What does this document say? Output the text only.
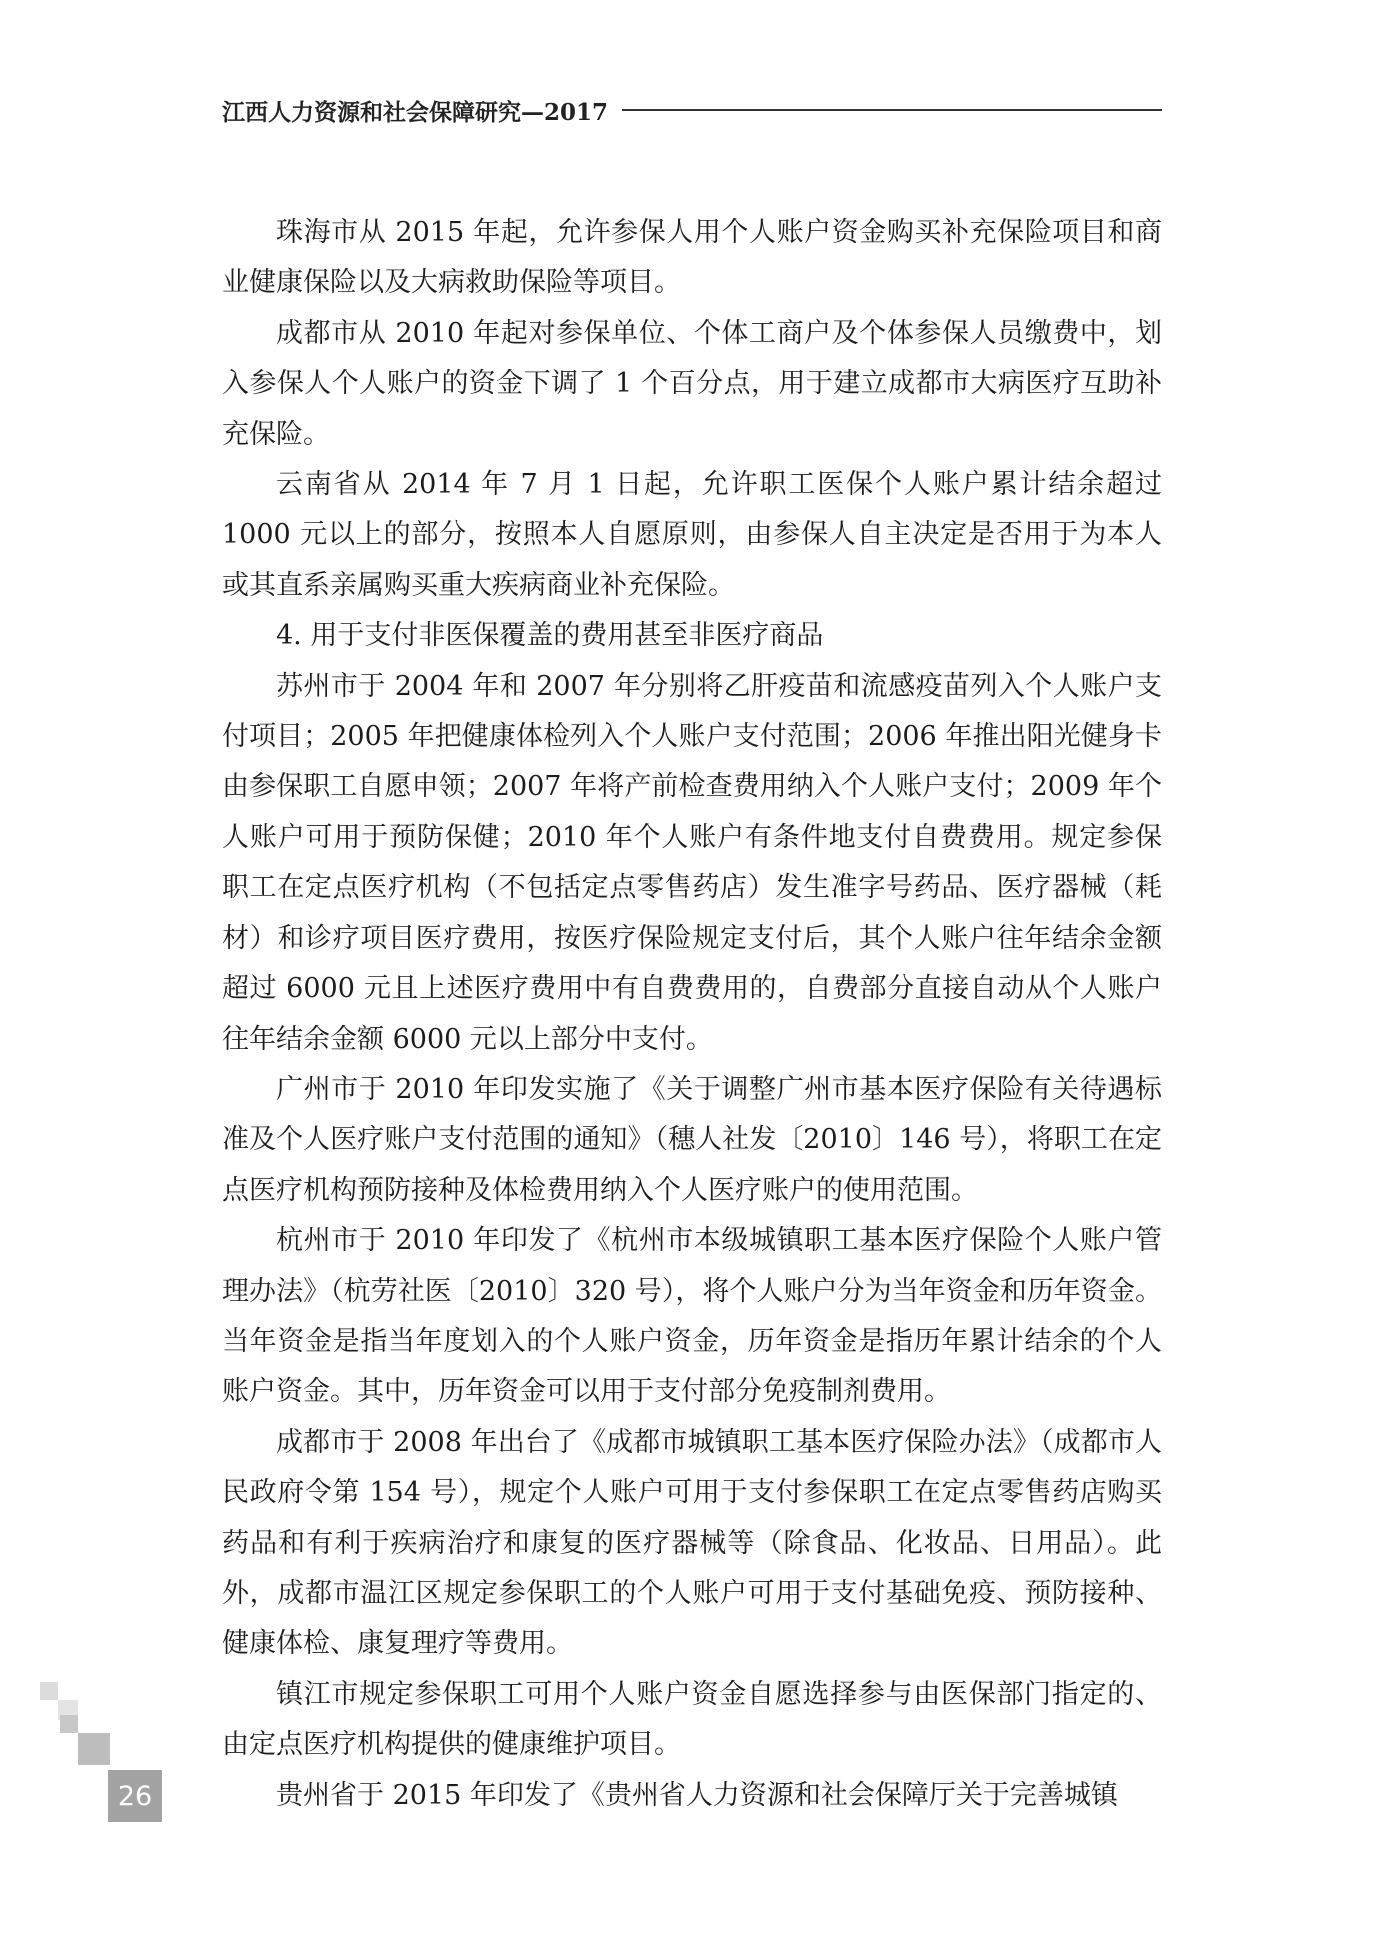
江西人力资源和社会保障研究—2017

珠海市从 2015 年起，允许参保人用个人账户资金购买补充保险项目和商业健康保险以及大病救助保险等项目。

成都市从 2010 年起对参保单位、个体工商户及个体参保人员缴费中，划入参保人个人账户的资金下调了 1 个百分点，用于建立成都市大病医疗互助补充保险。

云南省从 2014 年 7 月 1 日起，允许职工医保个人账户累计结余超过 1000 元以上的部分，按照本人自愿原则，由参保人自主决定是否用于为本人或其直系亲属购买重大疾病商业补充保险。

4. 用于支付非医保覆盖的费用甚至非医疗商品

苏州市于 2004 年和 2007 年分别将乙肝疫苗和流感疫苗列入个人账户支付项目；2005 年把健康体检列入个人账户支付范围；2006 年推出阳光健身卡由参保职工自愿申领；2007 年将产前检查费用纳入个人账户支付；2009 年个人账户可用于预防保健；2010 年个人账户有条件地支付自费费用。规定参保职工在定点医疗机构（不包括定点零售药店）发生准字号药品、医疗器械（耗材）和诊疗项目医疗费用，按医疗保险规定支付后，其个人账户往年结余金额超过 6000 元且上述医疗费用中有自费费用的，自费部分直接自动从个人账户往年结余金额 6000 元以上部分中支付。

广州市于 2010 年印发实施了《关于调整广州市基本医疗保险有关待遇标准及个人医疗账户支付范围的通知》（穗人社发〔2010〕146 号），将职工在定点医疗机构预防接种及体检费用纳入个人医疗账户的使用范围。

杭州市于 2010 年印发了《杭州市本级城镇职工基本医疗保险个人账户管理办法》（杭劳社医〔2010〕320 号），将个人账户分为当年资金和历年资金。当年资金是指当年度划入的个人账户资金，历年资金是指历年累计结余的个人账户资金。其中，历年资金可以用于支付部分免疫制剂费用。

成都市于 2008 年出台了《成都市城镇职工基本医疗保险办法》（成都市人民政府令第 154 号），规定个人账户可用于支付参保职工在定点零售药店购买药品和有利于疾病治疗和康复的医疗器械等（除食品、化妆品、日用品）。此外，成都市温江区规定参保职工的个人账户可用于支付基础免疫、预防接种、健康体检、康复理疗等费用。

镇江市规定参保职工可用个人账户资金自愿选择参与由医保部门指定的、由定点医疗机构提供的健康维护项目。

贵州省于 2015 年印发了《贵州省人力资源和社会保障厅关于完善城镇

26
